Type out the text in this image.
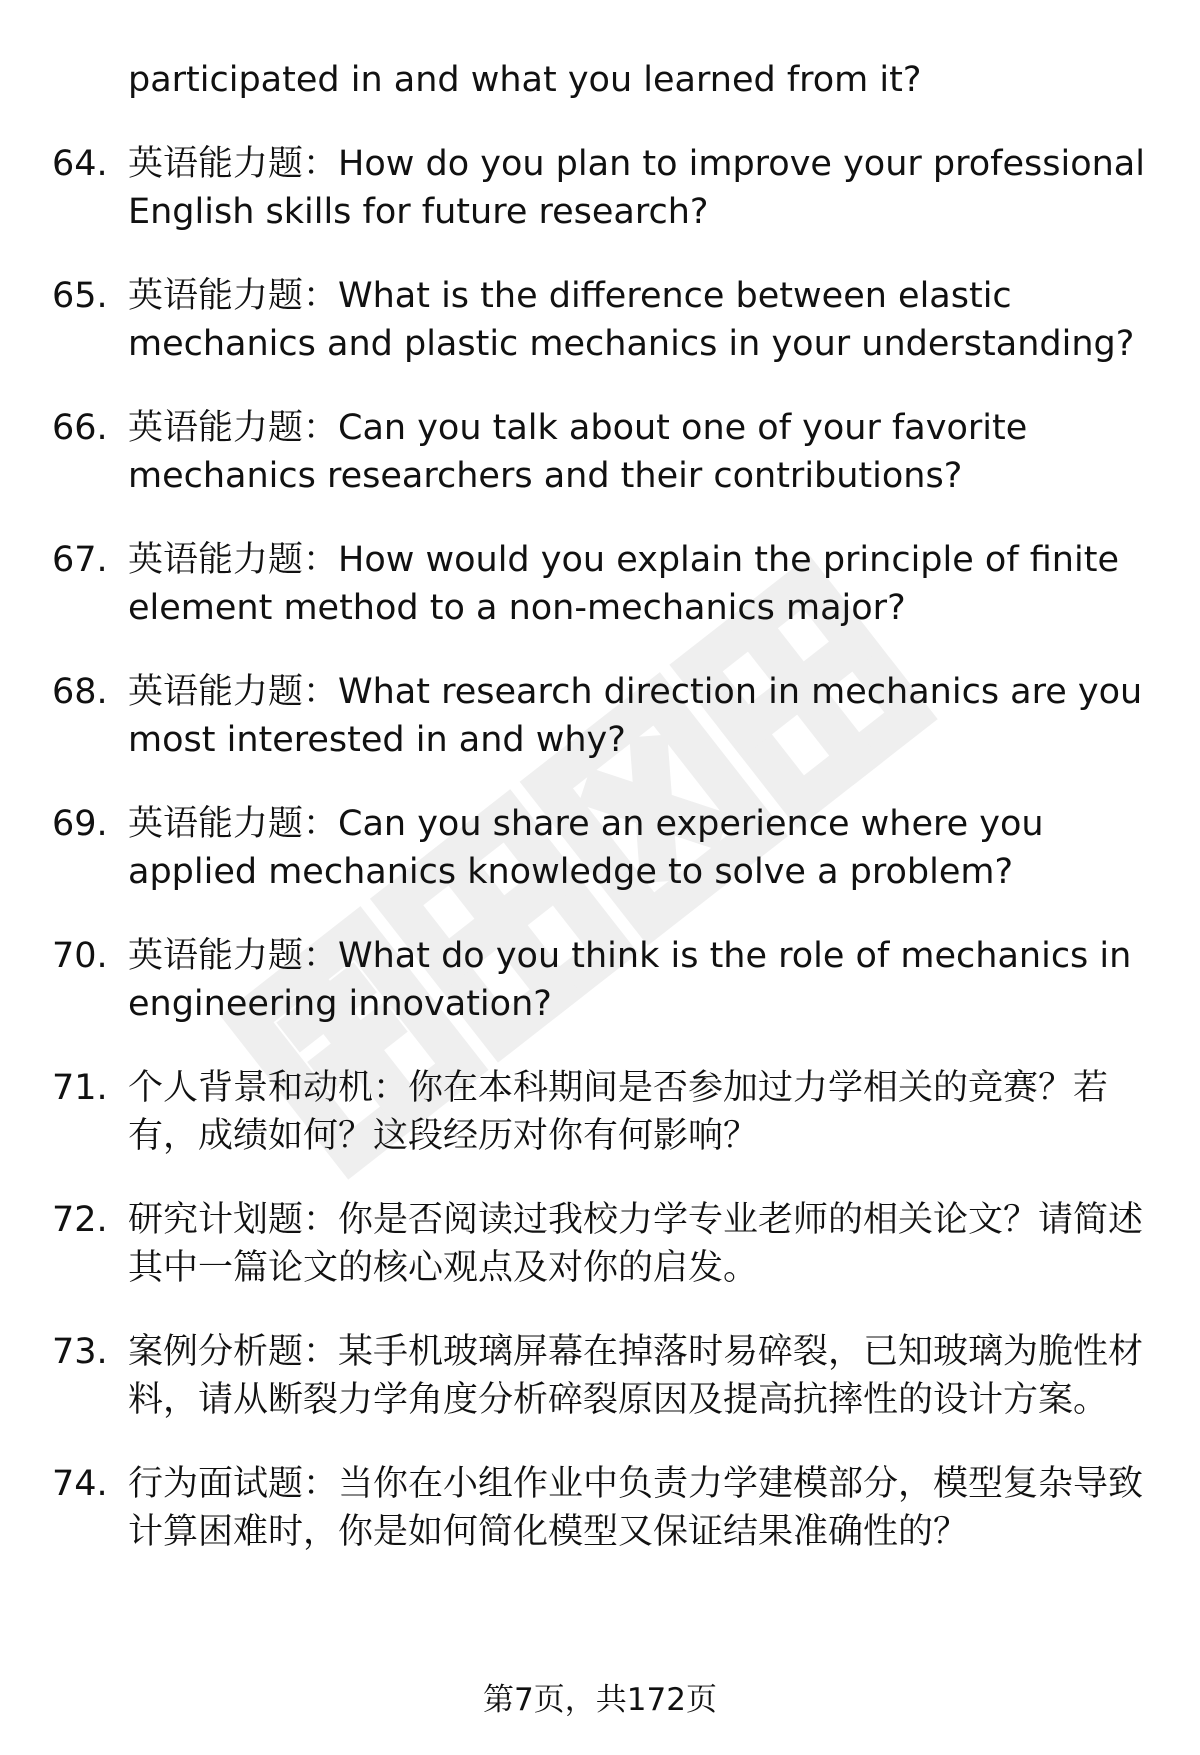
participated in and what you learned from it?

64. 英语能力题：How do you plan to improve your professional English skills for future research?
65. 英语能力题：What is the difference between elastic mechanics and plastic mechanics in your understanding?
66. 英语能力题：Can you talk about one of your favorite mechanics researchers and their contributions?
67. 英语能力题：How would you explain the principle of finite element method to a non-mechanics major?
68. 英语能力题：What research direction in mechanics are you most interested in and why?
69. 英语能力题：Can you share an experience where you applied mechanics knowledge to solve a problem?
70. 英语能力题：What do you think is the role of mechanics in engineering innovation?
71. 个人背景和动机：你在本科期间是否参加过力学相关的竞赛？若有，成绩如何？这段经历对你有何影响？
72. 研究计划题：你是否阅读过我校力学专业老师的相关论文？请简述其中一篇论文的核心观点及对你的启发。
73. 案例分析题：某手机玻璃屏幕在掉落时易碎裂，已知玻璃为脆性材料，请从断裂力学角度分析碎裂原因及提高抗摔性的设计方案。
74. 行为面试题：当你在小组作业中负责力学建模部分，模型复杂导致计算困难时，你是如何简化模型又保证结果准确性的？

第7页，共172页
